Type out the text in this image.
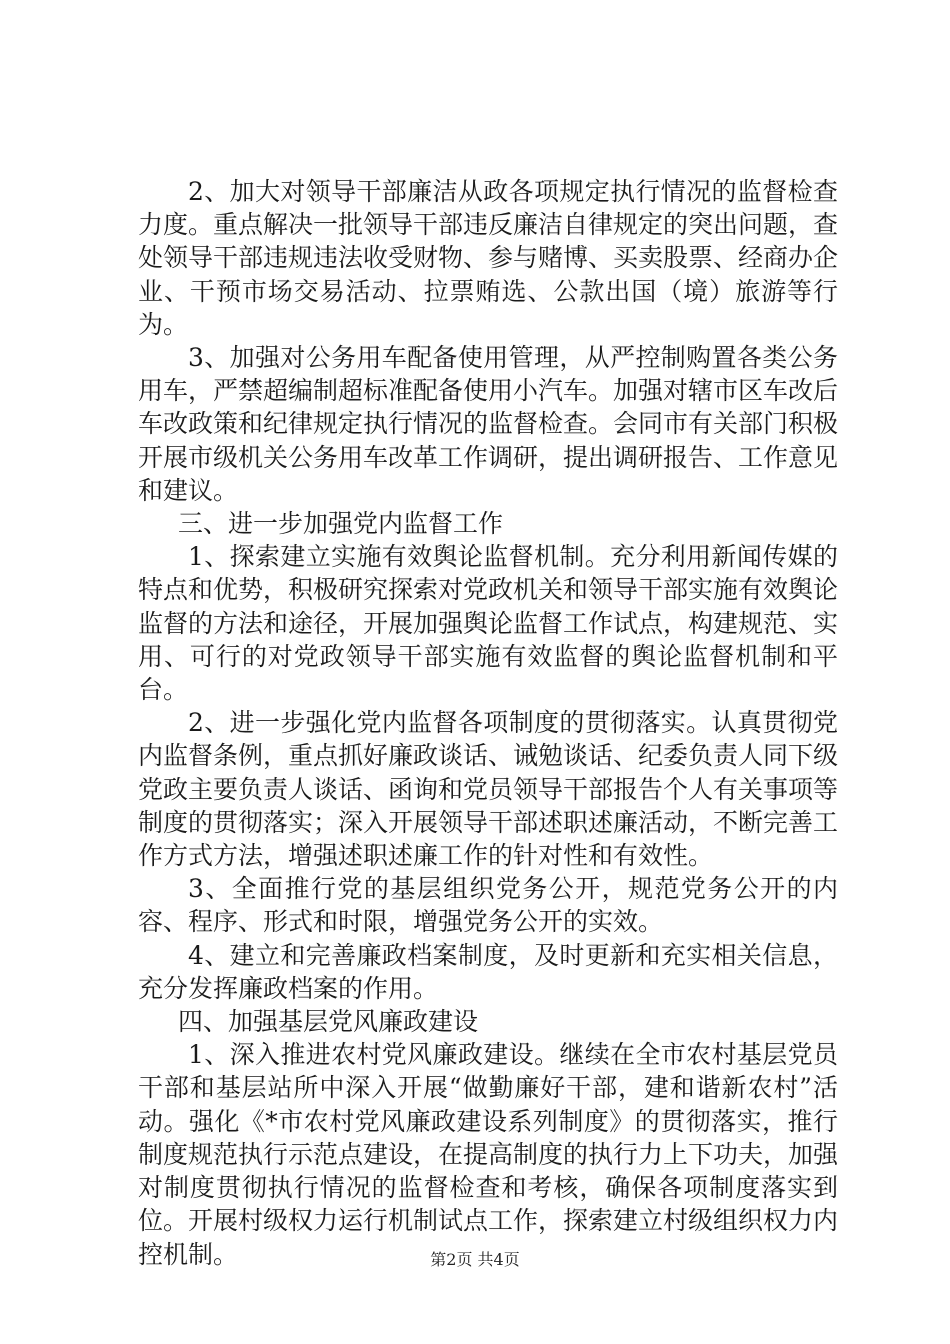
2、加大对领导干部廉洁从政各项规定执行情况的监督检查力度。重点解决一批领导干部违反廉洁自律规定的突出问题，查处领导干部违规违法收受财物、参与赌博、买卖股票、经商办企业、干预市场交易活动、拉票贿选、公款出国（境）旅游等行为。

3、加强对公务用车配备使用管理，从严控制购置各类公务用车，严禁超编制超标准配备使用小汽车。加强对辖市区车改后车改政策和纪律规定执行情况的监督检查。会同市有关部门积极开展市级机关公务用车改革工作调研，提出调研报告、工作意见和建议。

三、进一步加强党内监督工作

1、探索建立实施有效舆论监督机制。充分利用新闻传媒的特点和优势，积极研究探索对党政机关和领导干部实施有效舆论监督的方法和途径，开展加强舆论监督工作试点，构建规范、实用、可行的对党政领导干部实施有效监督的舆论监督机制和平台。

2、进一步强化党内监督各项制度的贯彻落实。认真贯彻党内监督条例，重点抓好廉政谈话、诫勉谈话、纪委负责人同下级党政主要负责人谈话、函询和党员领导干部报告个人有关事项等制度的贯彻落实；深入开展领导干部述职述廉活动，不断完善工作方式方法，增强述职述廉工作的针对性和有效性。

3、全面推行党的基层组织党务公开，规范党务公开的内容、程序、形式和时限，增强党务公开的实效。

4、建立和完善廉政档案制度，及时更新和充实相关信息，充分发挥廉政档案的作用。

四、加强基层党风廉政建设

1、深入推进农村党风廉政建设。继续在全市农村基层党员干部和基层站所中深入开展“做勤廉好干部，建和谐新农村”活动。强化《*市农村党风廉政建设系列制度》的贯彻落实，推行制度规范执行示范点建设，在提高制度的执行力上下功夫，加强对制度贯彻执行情况的监督检查和考核，确保各项制度落实到位。开展村级权力运行机制试点工作，探索建立村级组织权力内控机制。	第2页 共4页
